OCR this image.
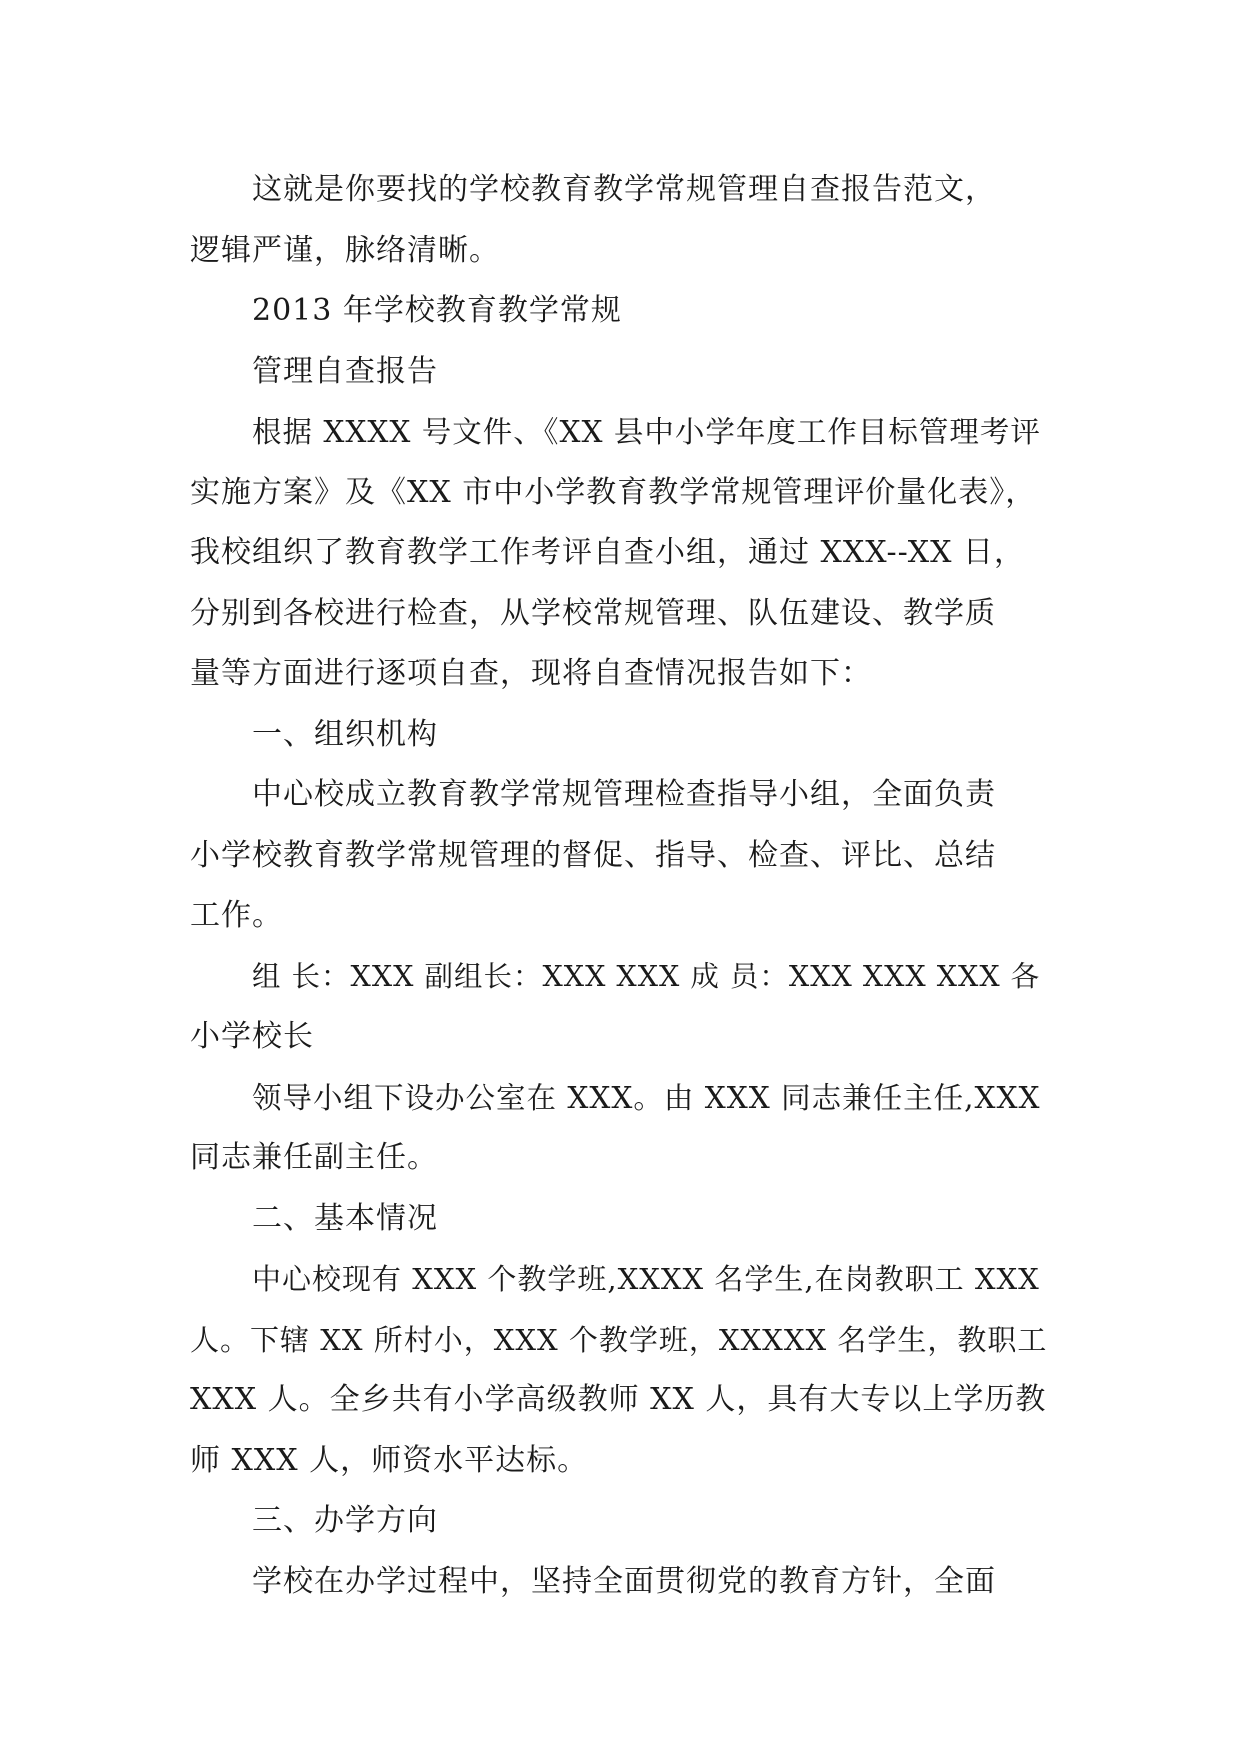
这就是你要找的学校教育教学常规管理自查报告范文，
逻辑严谨，脉络清晰。
2013 年学校教育教学常规
管理自查报告
根据 XXXX 号文件、《XX 县中小学年度工作目标管理考评
实施方案》及《XX 市中小学教育教学常规管理评价量化表》，
我校组织了教育教学工作考评自查小组，通过 XXX--XX 日，
分别到各校进行检查，从学校常规管理、队伍建设、教学质
量等方面进行逐项自查，现将自查情况报告如下：
一、组织机构
中心校成立教育教学常规管理检查指导小组，全面负责
小学校教育教学常规管理的督促、指导、检查、评比、总结
工作。
组 长：XXX 副组长：XXX XXX 成 员：XXX XXX XXX 各
小学校长
领导小组下设办公室在 XXX。由 XXX 同志兼任主任,XXX
同志兼任副主任。
二、基本情况
中心校现有 XXX 个教学班,XXXX 名学生,在岗教职工 XXX
人。下辖 XX 所村小，XXX 个教学班，XXXXX 名学生，教职工
XXX 人。全乡共有小学高级教师 XX 人，具有大专以上学历教
师 XXX 人，师资水平达标。
三、办学方向
学校在办学过程中，坚持全面贯彻党的教育方针，全面
